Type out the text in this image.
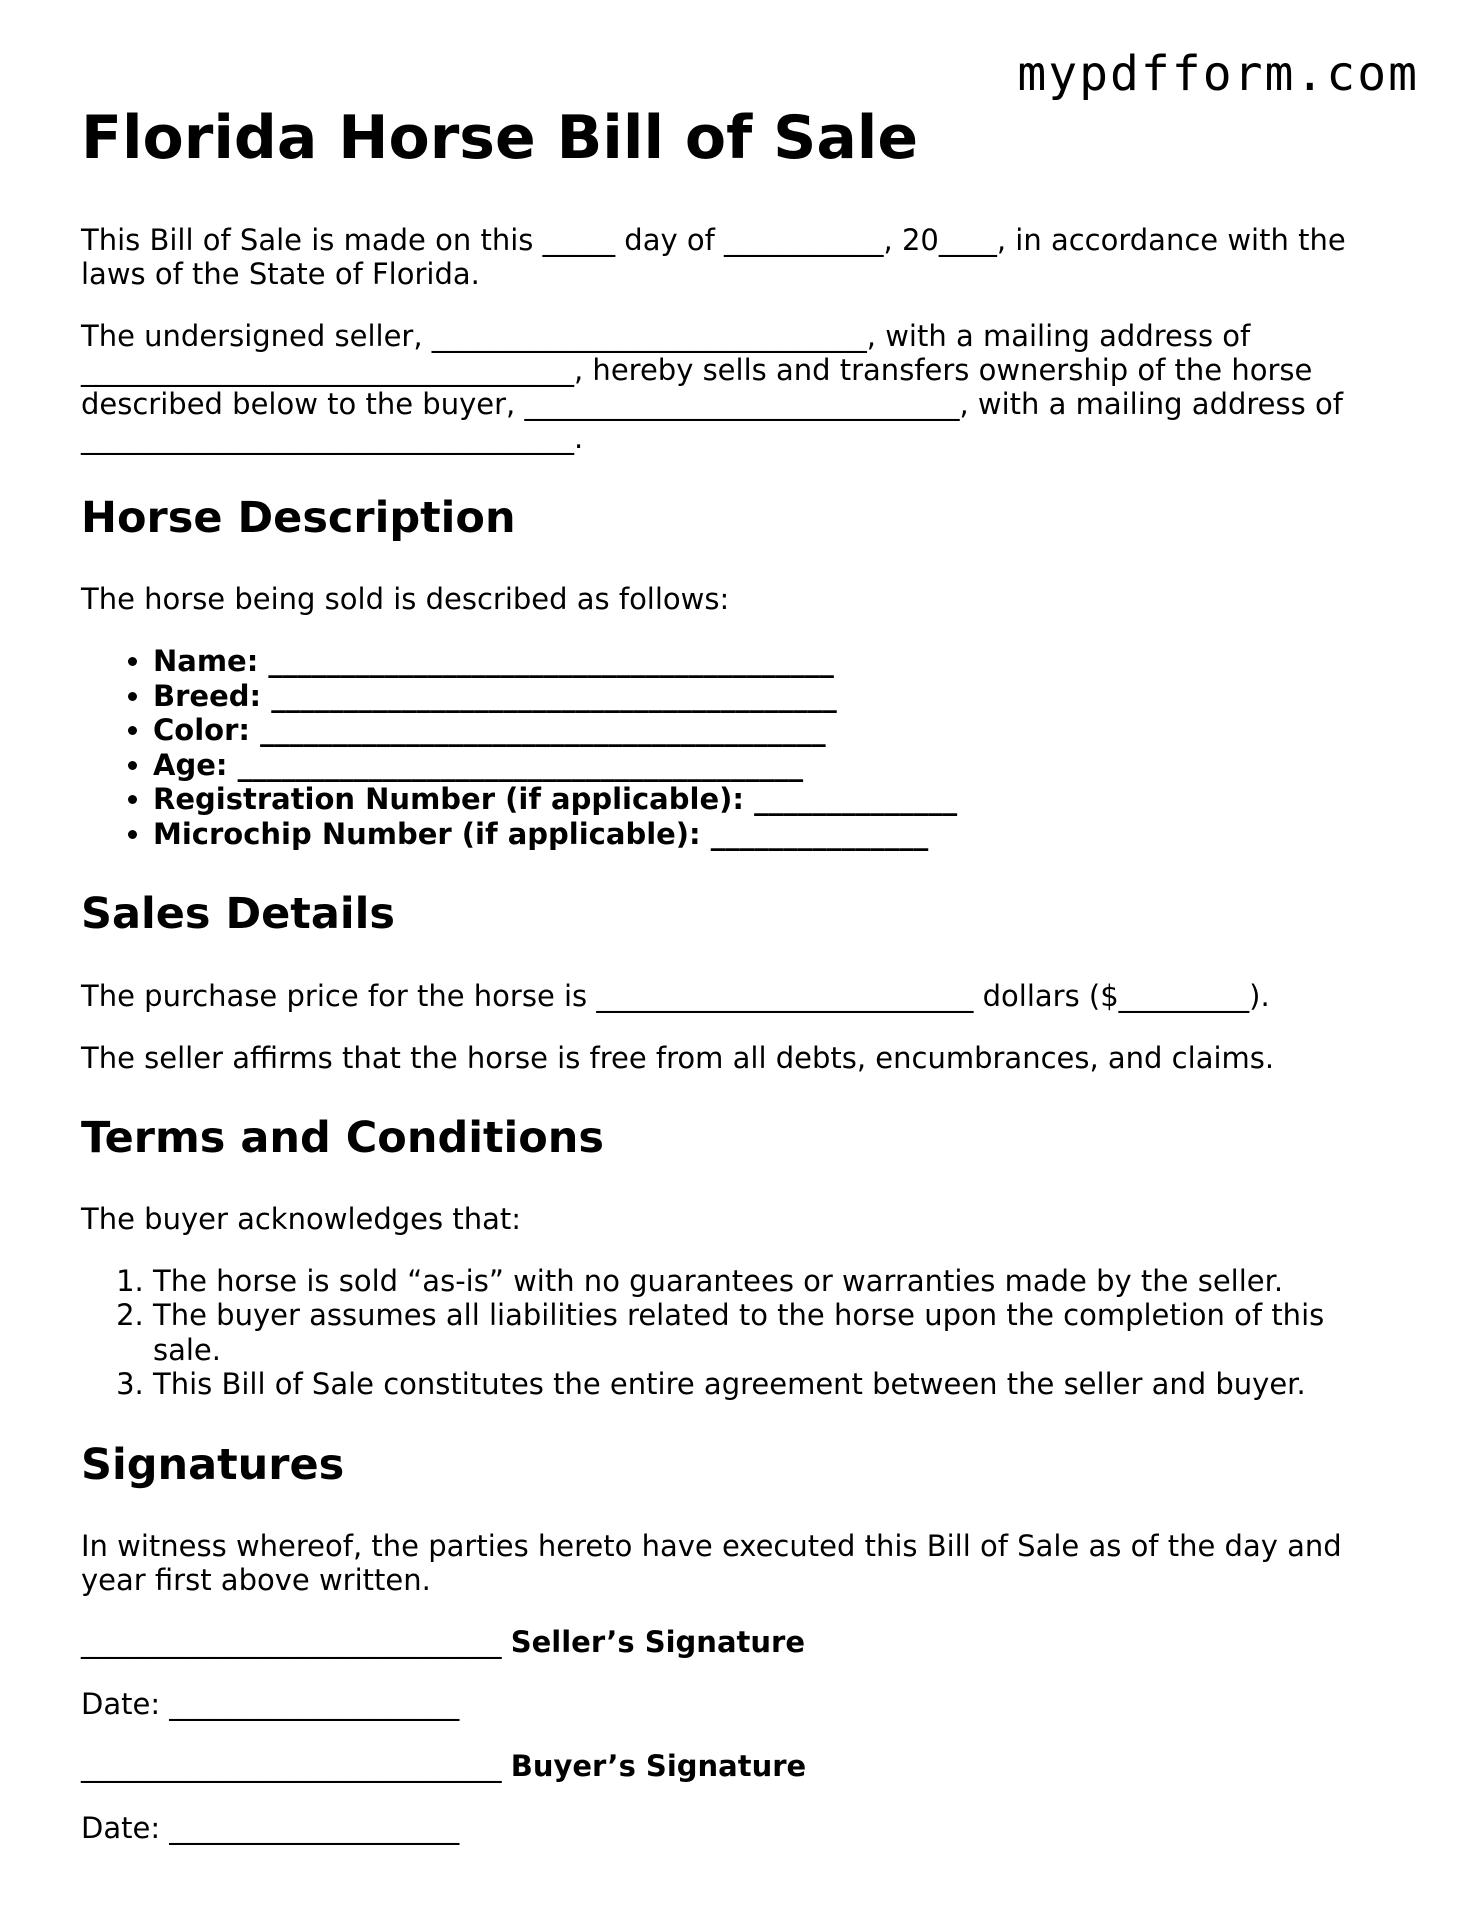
mypdfform.com
Florida Horse Bill of Sale

This Bill of Sale is made on this _____ day of ___________, 20____, in accordance with the laws of the State of Florida.

The undersigned seller, ______________________________, with a mailing address of __________________________________, hereby sells and transfers ownership of the horse described below to the buyer, ______________________________, with a mailing address of __________________________________.

Horse Description

The horse being sold is described as follows:

• Name: _______________________________________
• Breed: _______________________________________
• Color: _______________________________________
• Age: _______________________________________
• Registration Number (if applicable): ______________
• Microchip Number (if applicable): _______________
Sales Details

The purchase price for the horse is __________________________ dollars ($_________).

The seller affirms that the horse is free from all debts, encumbrances, and claims.

Terms and Conditions

The buyer acknowledges that:

1. The horse is sold “as-is” with no guarantees or warranties made by the seller.
2. The buyer assumes all liabilities related to the horse upon the completion of this sale.
3. This Bill of Sale constitutes the entire agreement between the seller and buyer.
Signatures

In witness whereof, the parties hereto have executed this Bill of Sale as of the day and year first above written.

_____________________________ Seller’s Signature
Date: ____________________
_____________________________ Buyer’s Signature
Date: ____________________
